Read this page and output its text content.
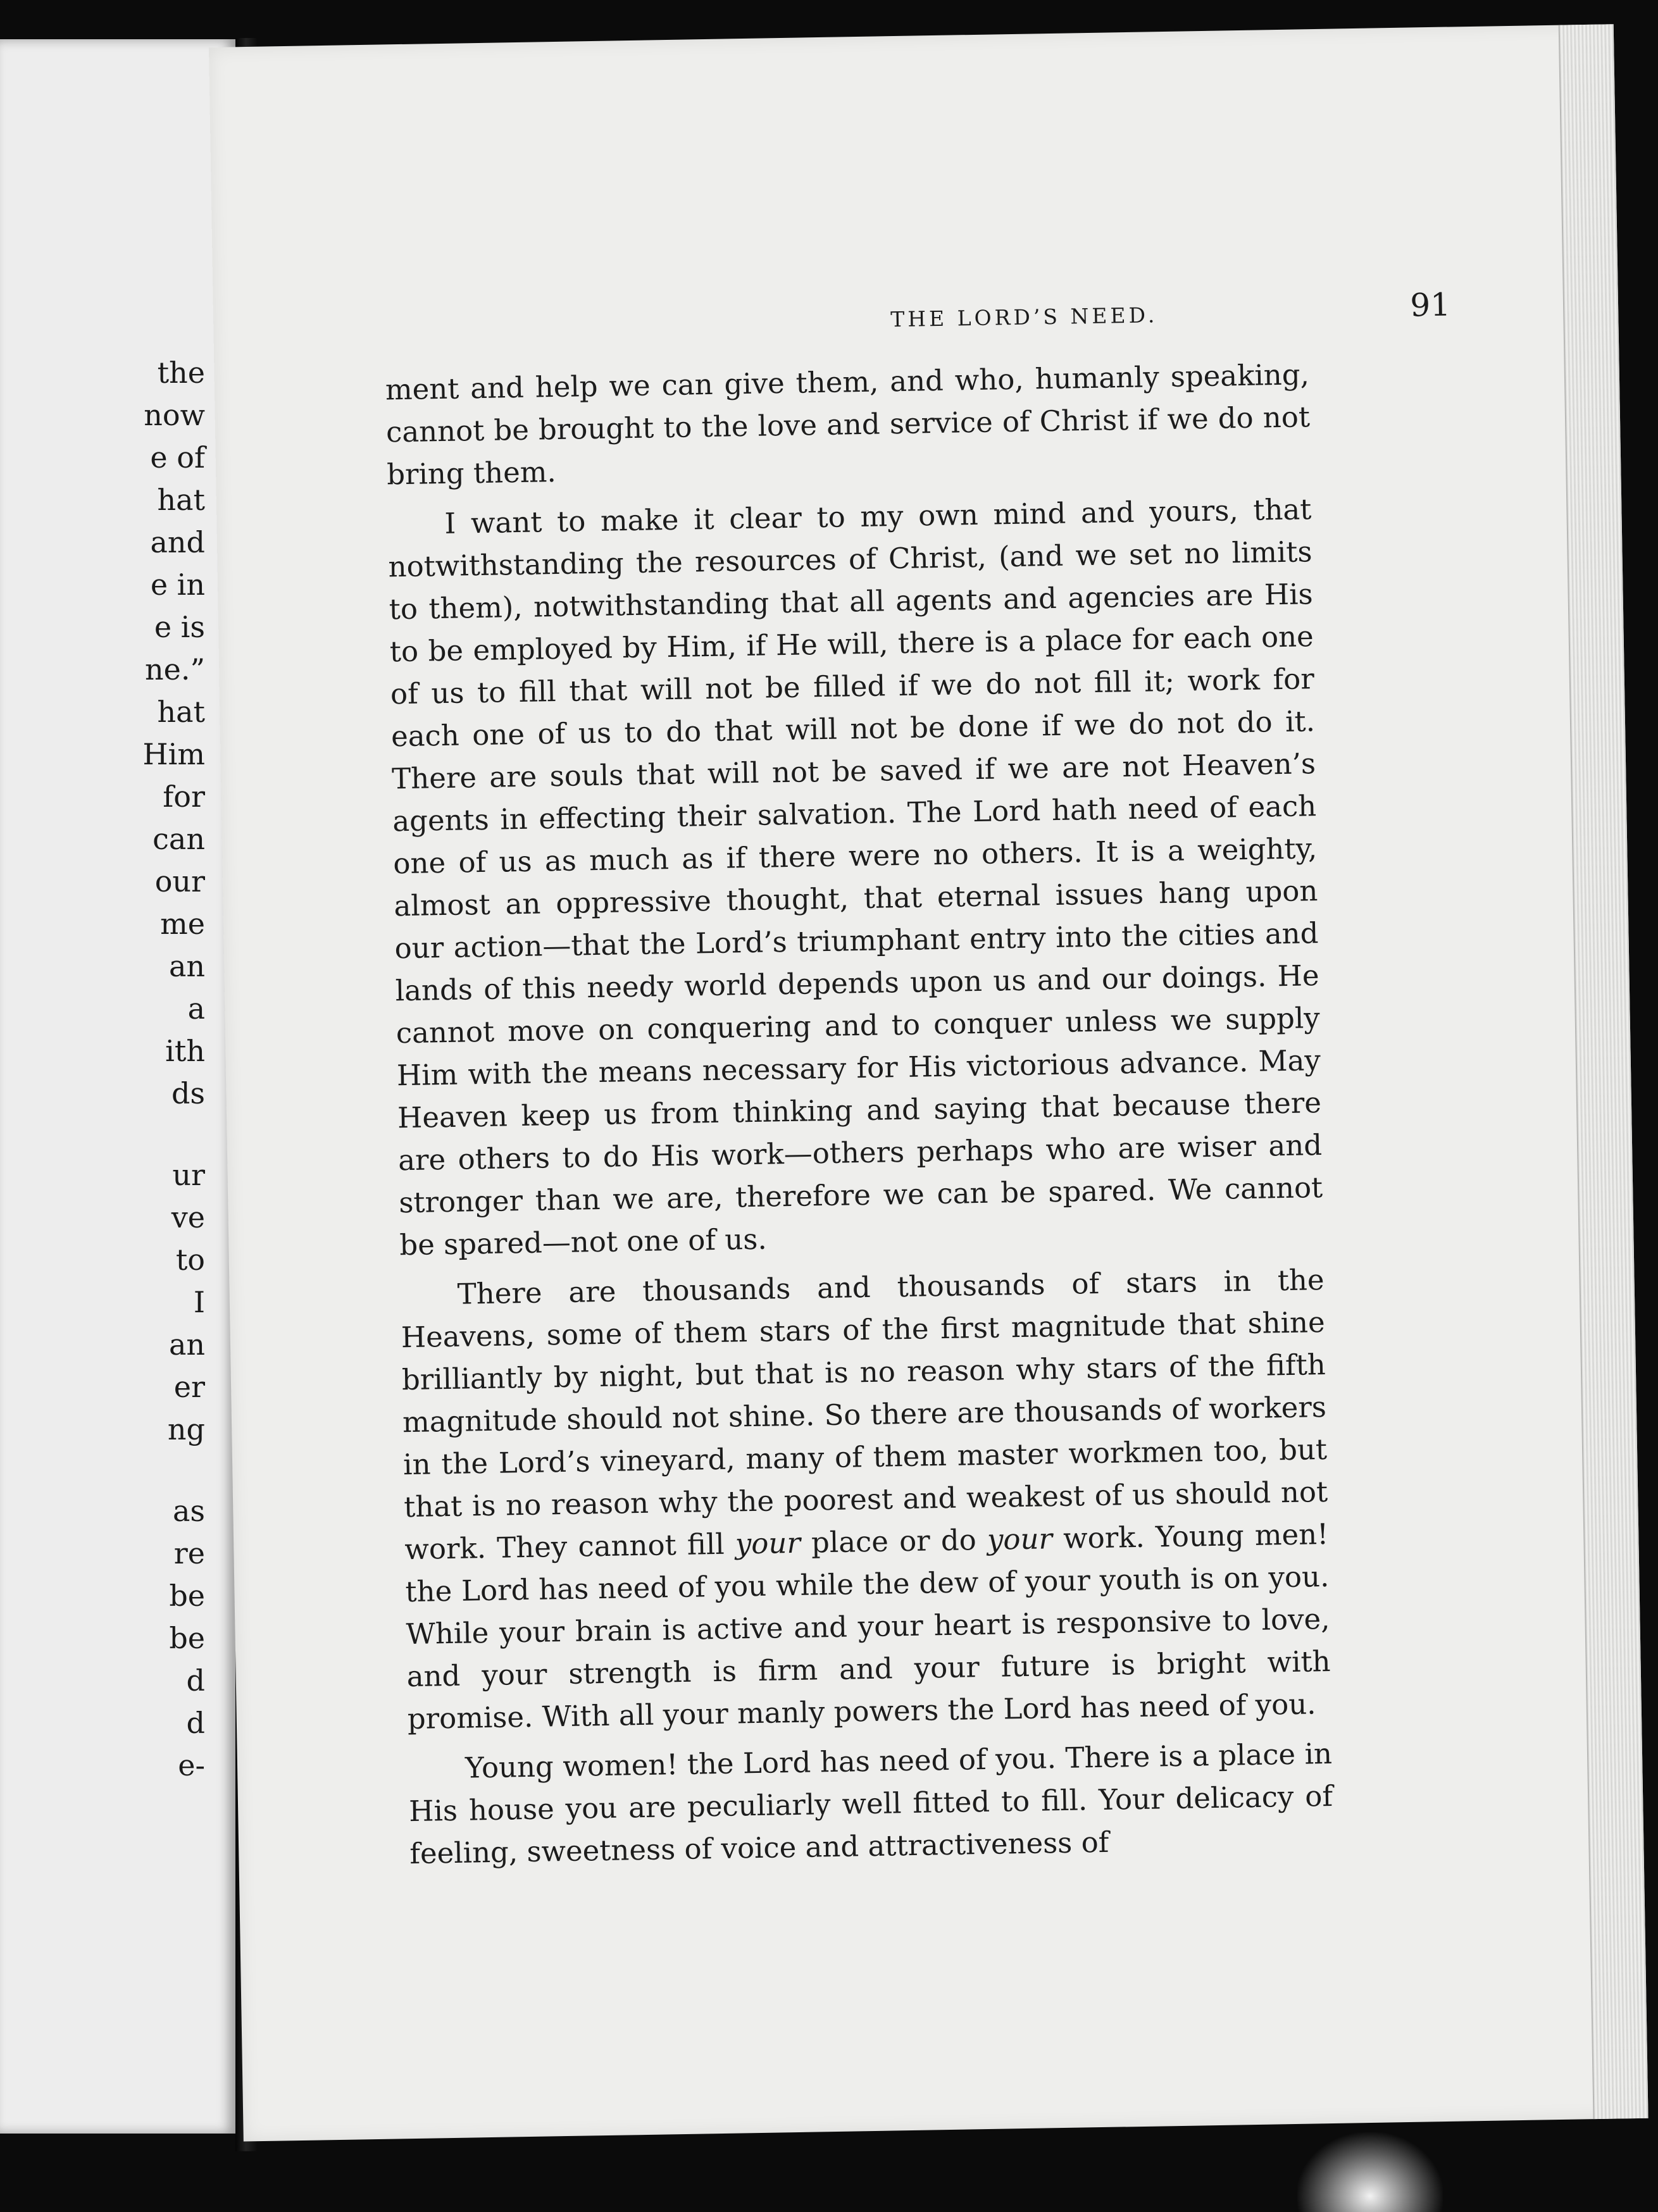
the
now
e of
hat
and
e in
e is
ne.”
hat
Him
for
can
our
me
an
a
ith
ds
ur
ve
to
I
an
er
ng
as
re
be
be
d
d
e-
THE LORD’S NEED.	91

ment and help we can give them, and who, humanly speaking, cannot be brought to the love and service of Christ if we do not bring them.

I want to make it clear to my own mind and yours, that notwithstanding the resources of Christ, (and we set no limits to them), notwithstanding that all agents and agencies are His to be employed by Him, if He will, there is a place for each one of us to fill that will not be filled if we do not fill it; work for each one of us to do that will not be done if we do not do it. There are souls that will not be saved if we are not Heaven’s agents in effecting their salvation. The Lord hath need of each one of us as much as if there were no others. It is a weighty, almost an oppressive thought, that eternal issues hang upon our action—that the Lord’s triumphant entry into the cities and lands of this needy world depends upon us and our doings. He cannot move on conquering and to conquer unless we supply Him with the means necessary for His victorious advance. May Heaven keep us from thinking and saying that because there are others to do His work—others perhaps who are wiser and stronger than we are, therefore we can be spared. We cannot be spared—not one of us.

There are thousands and thousands of stars in the Heavens, some of them stars of the first magnitude that shine brilliantly by night, but that is no reason why stars of the fifth magnitude should not shine. So there are thousands of workers in the Lord’s vineyard, many of them master workmen too, but that is no reason why the poorest and weakest of us should not work. They cannot fill your place or do your work. Young men! the Lord has need of you while the dew of your youth is on you. While your brain is active and your heart is responsive to love, and your strength is firm and your future is bright with promise. With all your manly powers the Lord has need of you.

Young women! the Lord has need of you. There is a place in His house you are peculiarly well fitted to fill. Your delicacy of feeling, sweetness of voice and attractiveness of
